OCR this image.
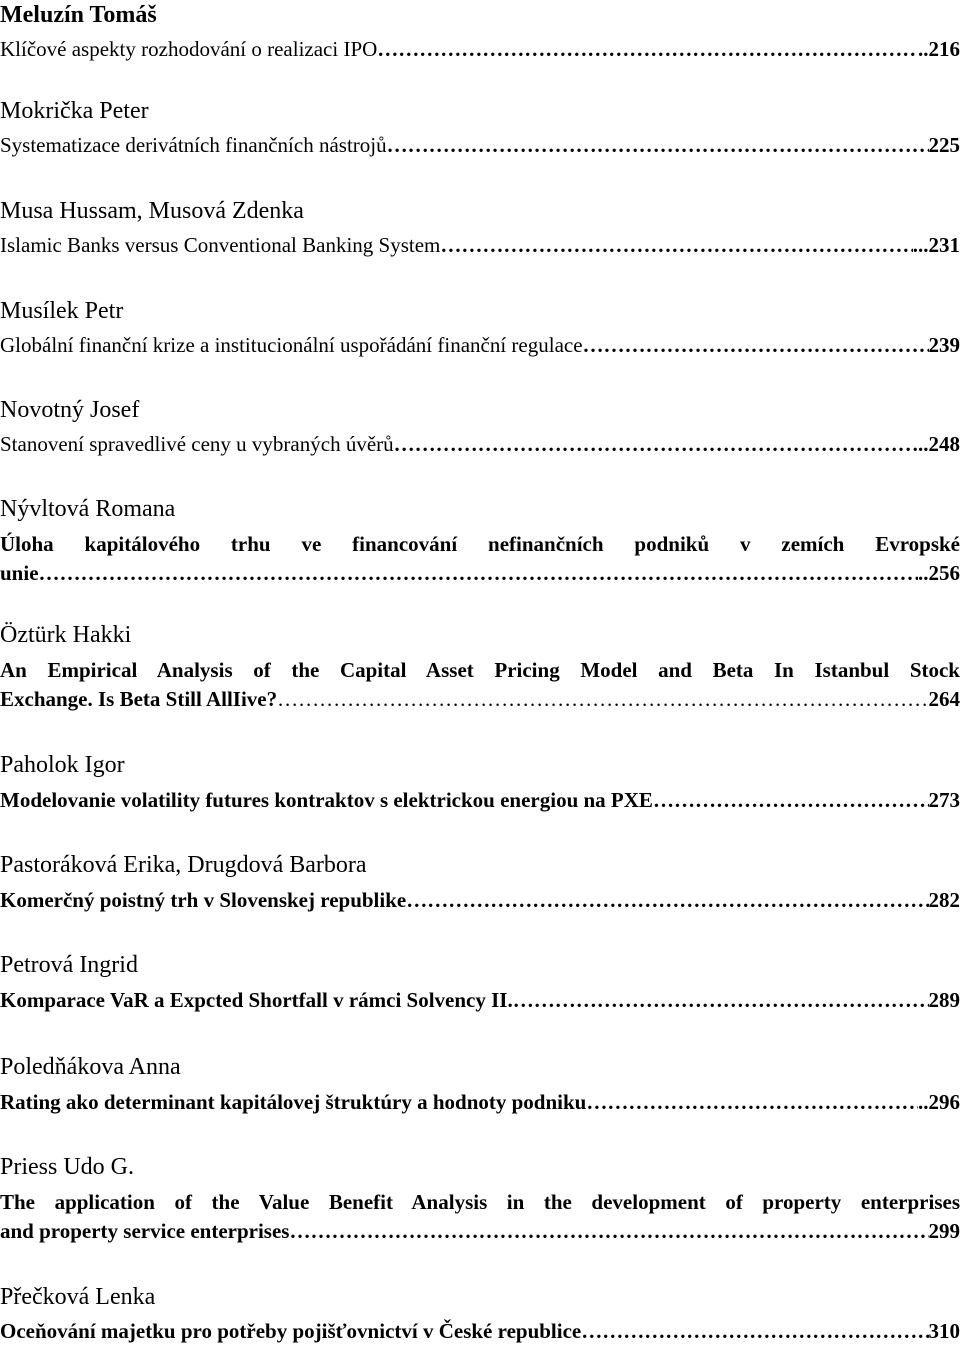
Meluzín Tomáš
Klíčové aspekty rozhodování o realizaci IPO ………………………………………………………………………………………………………………………………………………………………………………………………………	..216
Mokrička Peter
Systematizace derivátních finančních nástrojů ………………………………………………………………………………………………………………………………………………………………………………………………………	225
Musa Hussam, Musová Zdenka
Islamic Banks versus Conventional Banking System ………………………………………………………………………………………………………………………………………………………………………………………………………	...231
Musílek Petr
Globální finanční krize a institucionální uspořádání finanční regulace ………………………………………………………………………………………………………………………………………………………………………………………………………	239
Novotný Josef
Stanovení spravedlivé ceny u vybraných úvěrů ………………………………………………………………………………………………………………………………………………………………………………………………………	..248
Nývltová Romana
Úloha kapitálového trhu ve financování nefinančních podniků v zemích Evropské
unie ………………………………………………………………………………………………………………………………………………………………………………………………………	..256
Öztürk Hakki
An Empirical Analysis of the Capital Asset Pricing Model and Beta In Istanbul Stock
Exchange. Is Beta Still AllIive? ………………………………………………………………………………………………………………………………………………………………………………………………………	264
Paholok Igor
Modelovanie volatility futures kontraktov s elektrickou energiou na PXE ………………………………………………………………………………………………………………………………………………………………………………………………………	273
Pastoráková Erika, Drugdová Barbora
Komerčný poistný trh v Slovenskej republike ………………………………………………………………………………………………………………………………………………………………………………………………………	282
Petrová Ingrid
Komparace VaR a Expcted Shortfall v rámci Solvency II. ………………………………………………………………………………………………………………………………………………………………………………………………………	289
Poledňákova Anna
Rating ako determinant kapitálovej štruktúry a hodnoty podniku ………………………………………………………………………………………………………………………………………………………………………………………………………	..296
Priess Udo G.
The application of the Value Benefit Analysis in the development of property enterprises
and property service enterprises ………………………………………………………………………………………………………………………………………………………………………………………………………	299
Přečková Lenka
Oceňování majetku pro potřeby pojišťovnictví v České republice ………………………………………………………………………………………………………………………………………………………………………………………………………	310
